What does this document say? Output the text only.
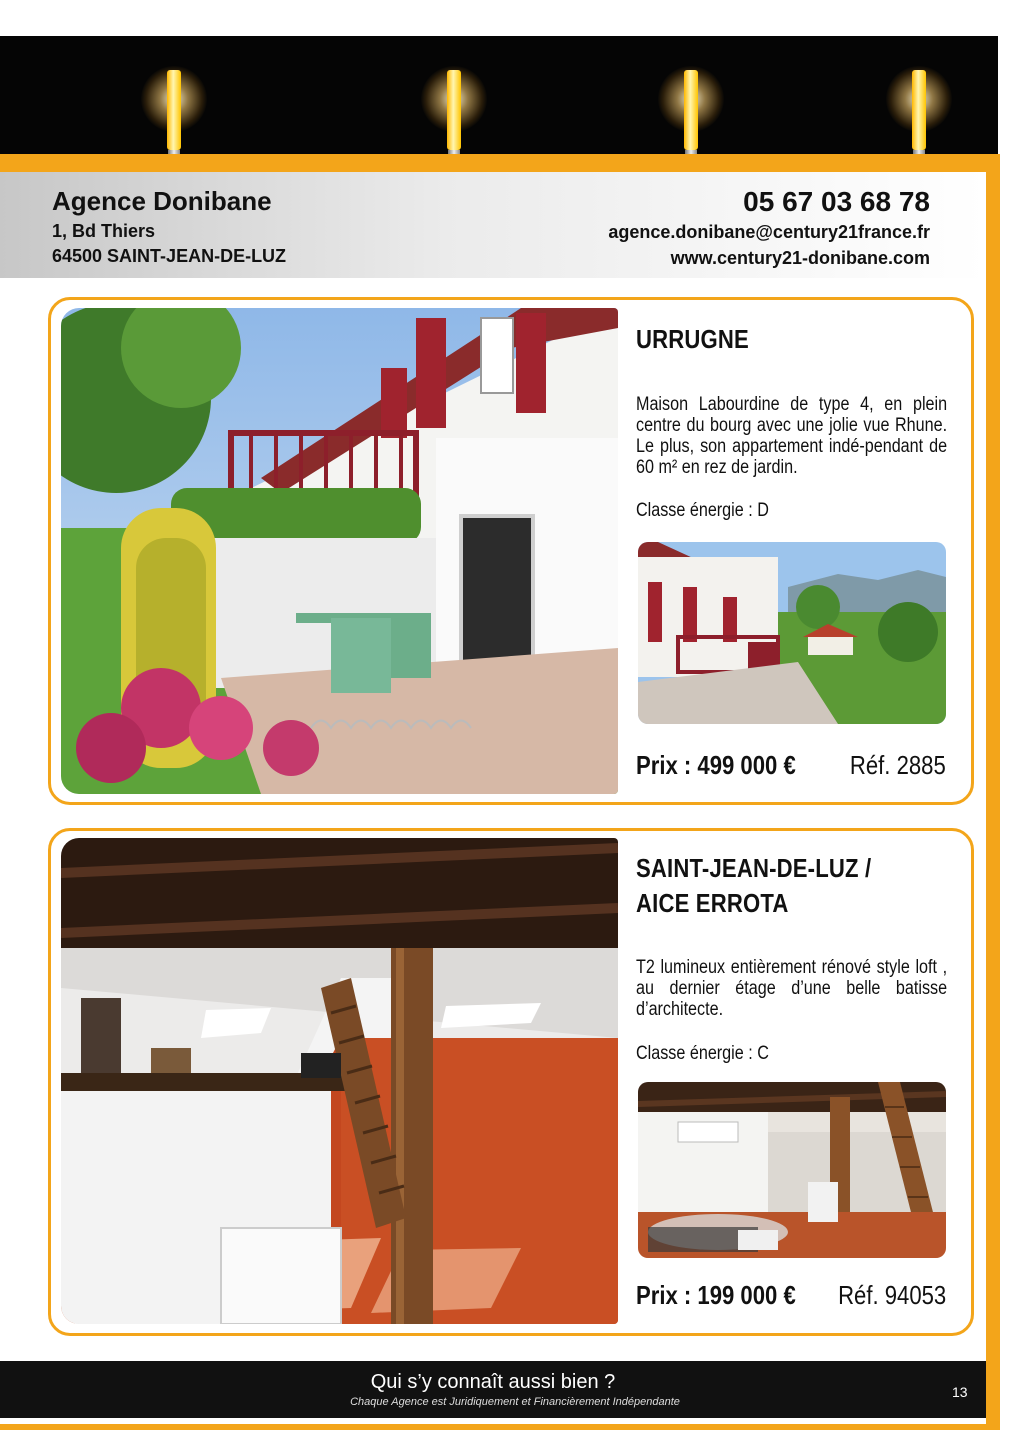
Agence Donibane
1, Bd Thiers
64500 SAINT-JEAN-DE-LUZ
05 67 03 68 78
agence.donibane@century21france.fr
www.century21-donibane.com
URRUGNE
Maison Labourdine de type 4, en plein centre du bourg avec une jolie vue Rhune. Le plus, son appartement indé-pendant de 60 m² en rez de jardin.
Classe énergie : D
Prix : 499 000 € Réf. 2885
SAINT-JEAN-DE-LUZ /
AICE ERROTA
T2 lumineux entièrement rénové style loft , au dernier étage d’une belle batisse d’architecte.
Classe énergie : C
Prix : 199 000 € Réf. 94053
Qui s’y connaît aussi bien ?
Chaque Agence est Juridiquement et Financièrement Indépendante
13
